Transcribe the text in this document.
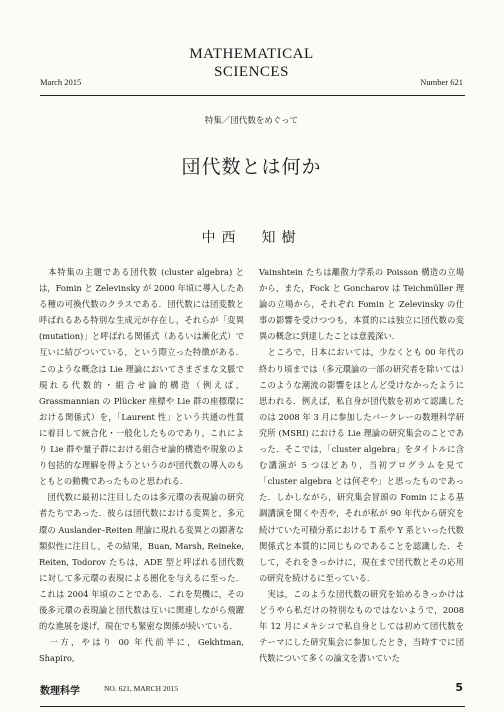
MATHEMATICAL
SCIENCES
March 2015	Number 621
特集／団代数をめぐって
団代数とは何か
中西　知樹

　本特集の主題である団代数 (cluster algebra) とは，Fomin と Zelevinsky が 2000 年頃に導入したある種の可換代数のクラスである．団代数には団変数と呼ばれるある特別な生成元が存在し，それらが「変異 (mutation)」と呼ばれる関係式（あるいは漸化式）で互いに結びついている，という際立った特徴がある．このような概念は Lie 理論においてさまざまな文脈で現れる代数的・組合せ論的構造（例えば，Grassmannian の Plücker 座標や Lie 群の座標環における関係式）を，「Laurent 性」という共通の性質に着目して統合化・一般化したものであり，これにより Lie 群や量子群における組合せ論的構造や現象のより包括的な理解を得ようというのが団代数の導入のもともとの動機であったものと思われる．

　団代数に最初に注目したのは多元環の表現論の研究者たちであった．彼らは団代数における変異と，多元環の Auslander–Reiten 理論に現れる変異との顕著な類似性に注目し，その結果，Buan, Marsh, Reineke, Reiten, Todorov たちは，ADE 型と呼ばれる団代数に対して多元環の表現による圏化を与えるに至った．これは 2004 年頃のことである．これを契機に，その後多元環の表現論と団代数は互いに関連しながら飛躍的な進展を遂げ，現在でも緊密な関係が続いている．

　一方，やはり 00 年代前半に，Gekhtman, Shapiro,

Vainshtein たちは離散力学系の Poisson 構造の立場から，また，Fock と Goncharov は Teichmüller 理論の立場から，それぞれ Fomin と Zelevinsky の仕事の影響を受けつつも，本質的には独立に団代数の変異の概念に到達したことは意義深い．

　ところで，日本においては，少なくとも 00 年代の終わり頃までは（多元環論の一部の研究者を除いては）このような潮流の影響をほとんど受けなかったように思われる．例えば，私自身が団代数を初めて認識したのは 2008 年 3 月に参加したバークレーの数理科学研究所 (MSRI) における Lie 理論の研究集会のことであった．そこでは，「cluster algebra」をタイトルに含む講演が 5 つほどあり，当初プログラムを見て「cluster algebra とは何ぞや」と思ったものであった．しかしながら，研究集会冒頭の Fomin による基調講演を聞くや否や，それが私が 90 年代から研究を続けていた可積分系における T 系や Y 系といった代数関係式と本質的に同じものであることを認識した．そして，それをきっかけに，現在まで団代数とその応用の研究を続けるに至っている．

　実は，このような団代数の研究を始めるきっかけはどうやら私だけの特別なものではないようで，2008 年 12 月にメキシコで私自身としては初めて団代数をテーマにした研究集会に参加したとき，当時すでに団代数について多くの論文を書いていた

数理科学	NO. 621, MARCH 2015	5
